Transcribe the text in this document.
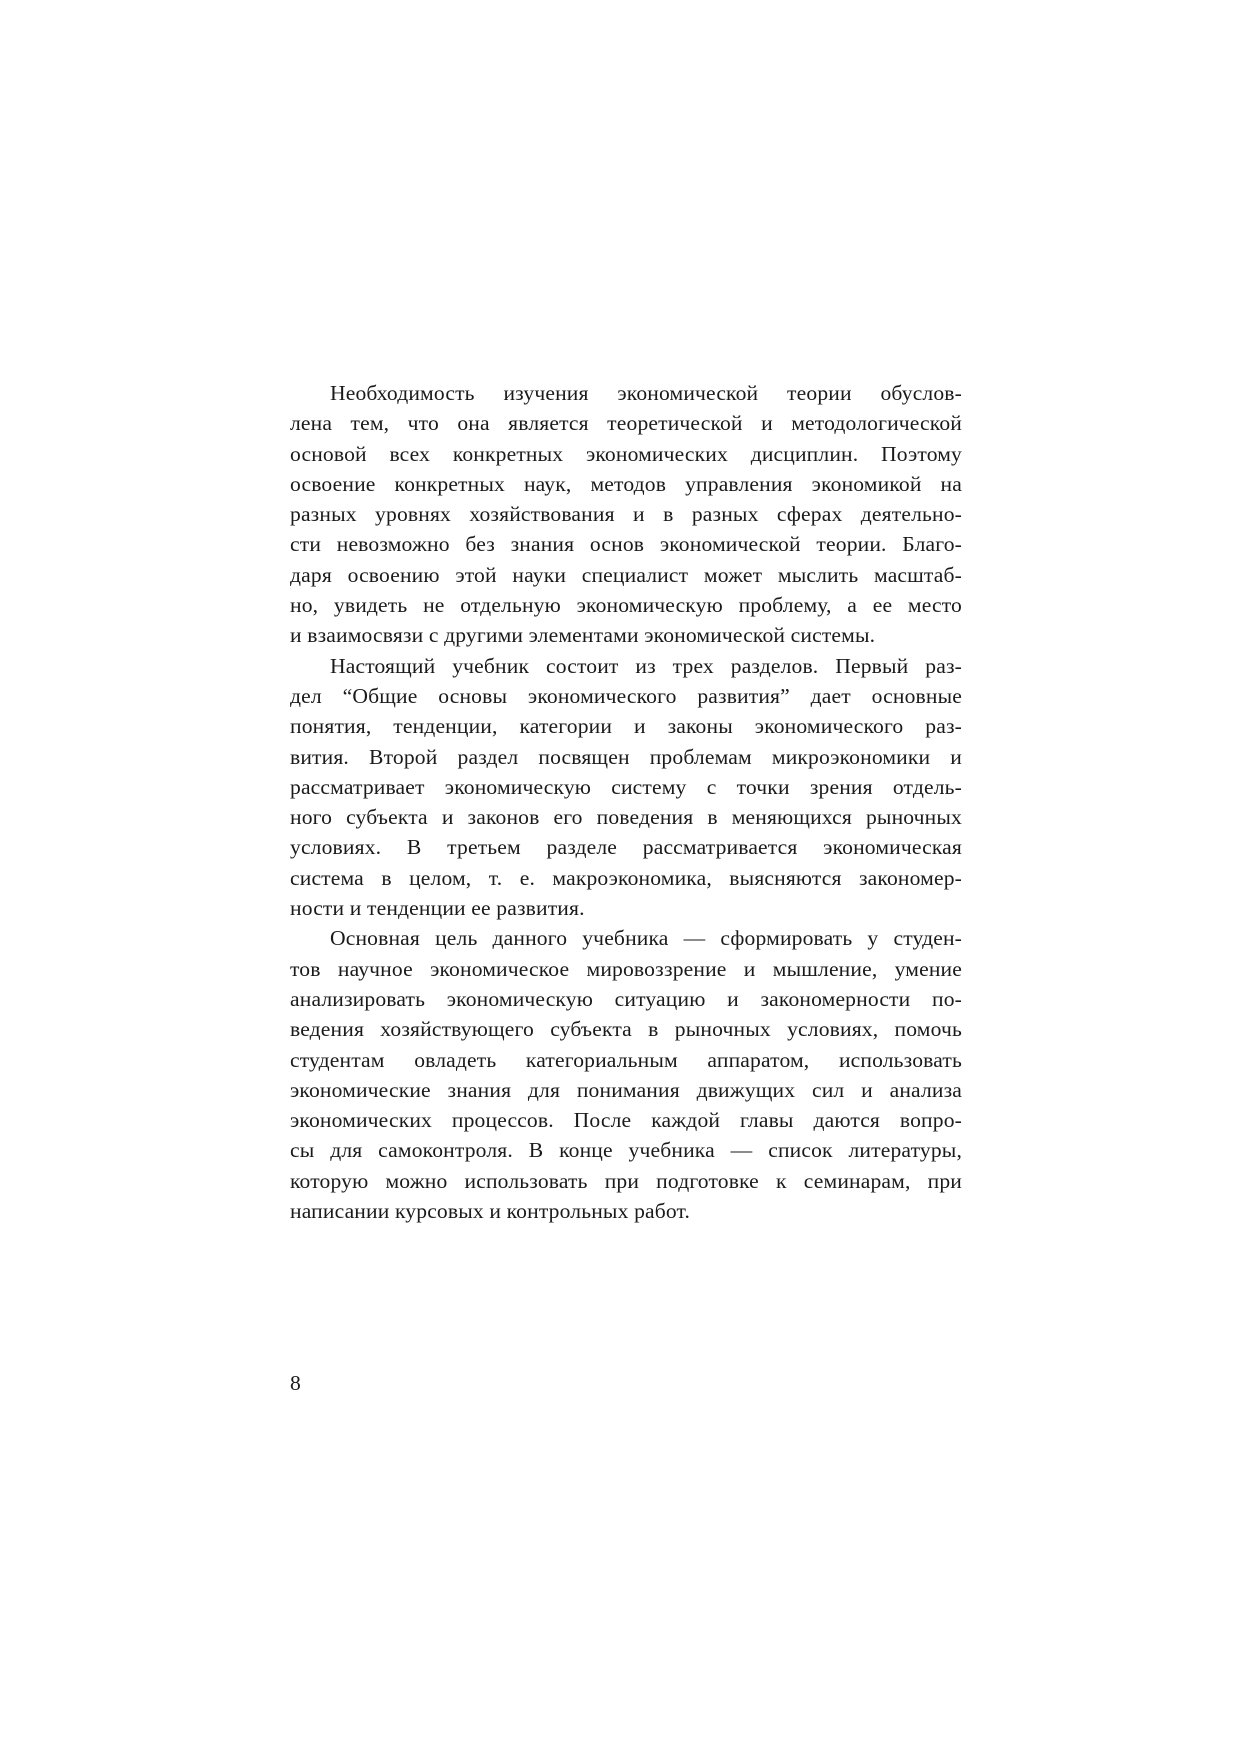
Необходимость изучения экономической теории обуслов-
лена тем, что она является теоретической и методологической
основой всех конкретных экономических дисциплин. Поэтому
освоение конкретных наук, методов управления экономикой на
разных уровнях хозяйствования и в разных сферах деятельно-
сти невозможно без знания основ экономической теории. Благо-
даря освоению этой науки специалист может мыслить масштаб-
но, увидеть не отдельную экономическую проблему, а ее место
и взаимосвязи с другими элементами экономической системы.
Настоящий учебник состоит из трех разделов. Первый раз-
дел “Общие основы экономического развития” дает основные
понятия, тенденции, категории и законы экономического раз-
вития. Второй раздел посвящен проблемам микроэкономики и
рассматривает экономическую систему с точки зрения отдель-
ного субъекта и законов его поведения в меняющихся рыночных
условиях. В третьем разделе рассматривается экономическая
система в целом, т. е. макроэкономика, выясняются закономер-
ности и тенденции ее развития.
Основная цель данного учебника — сформировать у студен-
тов научное экономическое мировоззрение и мышление, умение
анализировать экономическую ситуацию и закономерности по-
ведения хозяйствующего субъекта в рыночных условиях, помочь
студентам овладеть категориальным аппаратом, использовать
экономические знания для понимания движущих сил и анализа
экономических процессов. После каждой главы даются вопро-
сы для самоконтроля. В конце учебника — список литературы,
которую можно использовать при подготовке к семинарам, при
написании курсовых и контрольных работ.
8
